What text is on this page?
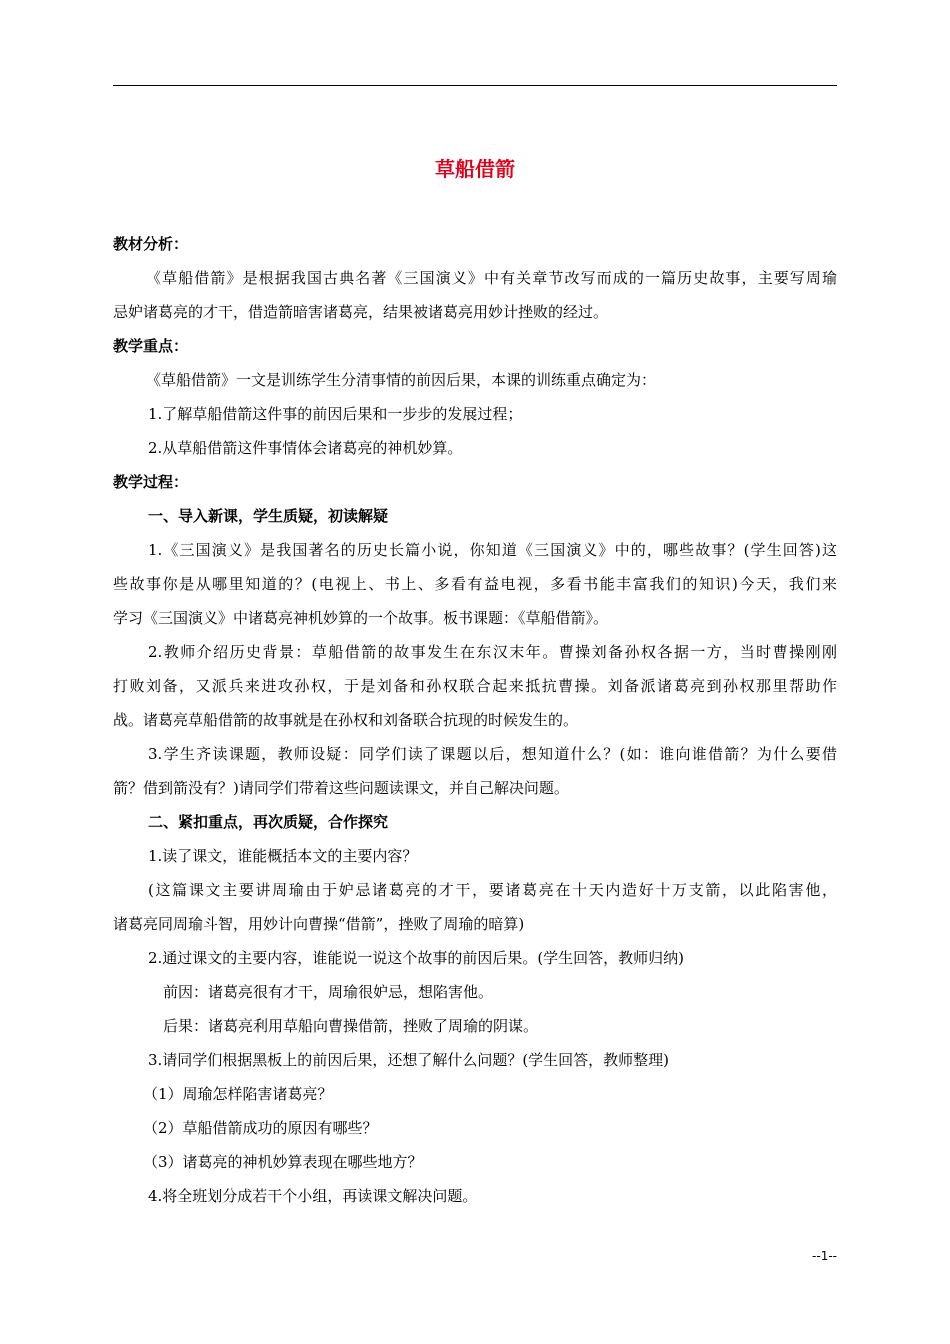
草船借箭
教材分析：
《草船借箭》是根据我国古典名著《三国演义》中有关章节改写而成的一篇历史故事，主要写周瑜
忌妒诸葛亮的才干，借造箭暗害诸葛亮，结果被诸葛亮用妙计挫败的经过。
教学重点：
《草船借箭》一文是训练学生分清事情的前因后果，本课的训练重点确定为：
1.了解草船借箭这件事的前因后果和一步步的发展过程；
2.从草船借箭这件事情体会诸葛亮的神机妙算。
教学过程：
一、导入新课，学生质疑，初读解疑
1.《三国演义》是我国著名的历史长篇小说，你知道《三国演义》中的，哪些故事？(学生回答)这
些故事你是从哪里知道的？(电视上、书上、多看有益电视，多看书能丰富我们的知识)今天，我们来
学习《三国演义》中诸葛亮神机妙算的一个故事。板书课题：《草船借箭》。
2.教师介绍历史背景：草船借箭的故事发生在东汉末年。曹操刘备孙权各据一方，当时曹操刚刚
打败刘备，又派兵来进攻孙权，于是刘备和孙权联合起来抵抗曹操。刘备派诸葛亮到孙权那里帮助作
战。诸葛亮草船借箭的故事就是在孙权和刘备联合抗现的时候发生的。
3.学生齐读课题，教师设疑：同学们读了课题以后，想知道什么？(如：谁向谁借箭？为什么要借
箭？借到箭没有？)请同学们带着这些问题读课文，并自己解决问题。
二、紧扣重点，再次质疑，合作探究
1.读了课文，谁能概括本文的主要内容？
(这篇课文主要讲周瑜由于妒忌诸葛亮的才干，要诸葛亮在十天内造好十万支箭，以此陷害他，
诸葛亮同周瑜斗智，用妙计向曹操“借箭”，挫败了周瑜的暗算)
2.通过课文的主要内容，谁能说一说这个故事的前因后果。(学生回答，教师归纳)
前因：诸葛亮很有才干，周瑜很妒忌，想陷害他。
后果：诸葛亮利用草船向曹操借箭，挫败了周瑜的阴谋。
3.请同学们根据黑板上的前因后果，还想了解什么问题？(学生回答，教师整理)
（1）周瑜怎样陷害诸葛亮？
（2）草船借箭成功的原因有哪些？
（3）诸葛亮的神机妙算表现在哪些地方？
4.将全班划分成若干个小组，再读课文解决问题。
--1--
